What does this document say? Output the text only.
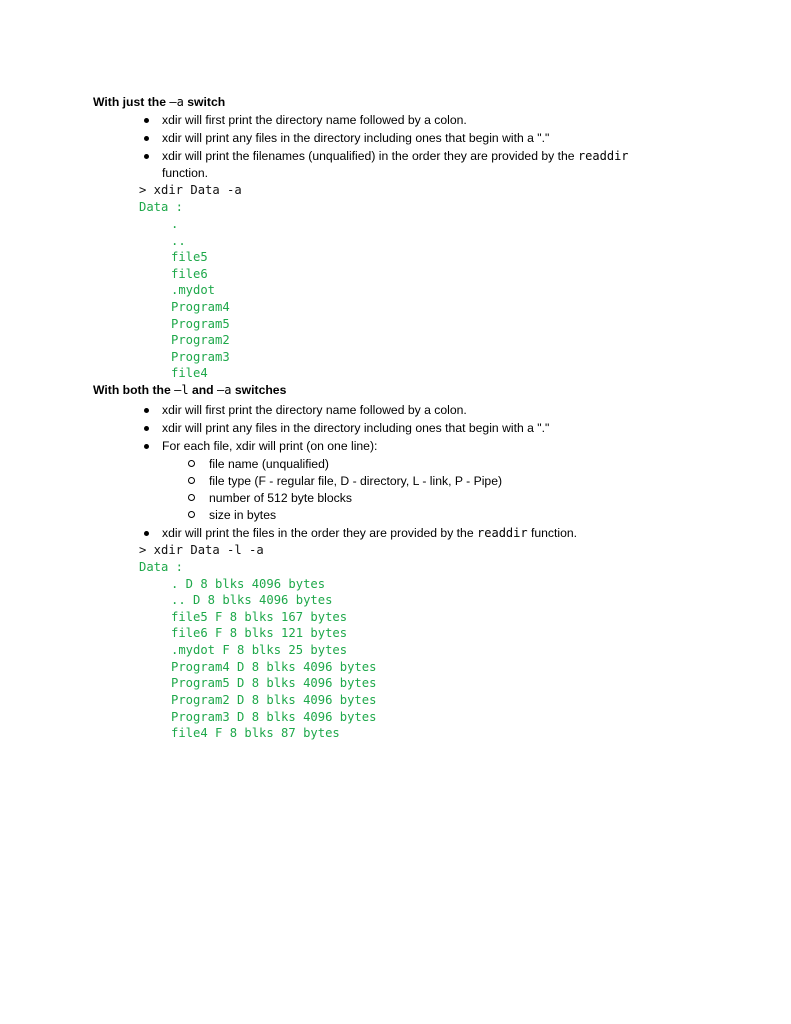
With just the –a switch
xdir will first print the directory name followed by a colon.
xdir will print any files in the directory including ones that begin with a "."
xdir will print the filenames (unqualified) in the order they are provided by the readdir
function.
> xdir Data -a
Data :
.
..
file5
file6
.mydot
Program4
Program5
Program2
Program3
file4
With both the –l and –a switches
xdir will first print the directory name followed by a colon.
xdir will print any files in the directory including ones that begin with a "."
For each file, xdir will print (on one line):
file name (unqualified)
file type (F - regular file, D - directory, L - link, P - Pipe)
number of 512 byte blocks
size in bytes
xdir will print the files in the order they are provided by the readdir function.
> xdir Data -l -a
Data :
. D 8 blks 4096 bytes
.. D 8 blks 4096 bytes
file5 F 8 blks 167 bytes
file6 F 8 blks 121 bytes
.mydot F 8 blks 25 bytes
Program4 D 8 blks 4096 bytes
Program5 D 8 blks 4096 bytes
Program2 D 8 blks 4096 bytes
Program3 D 8 blks 4096 bytes
file4 F 8 blks 87 bytes
